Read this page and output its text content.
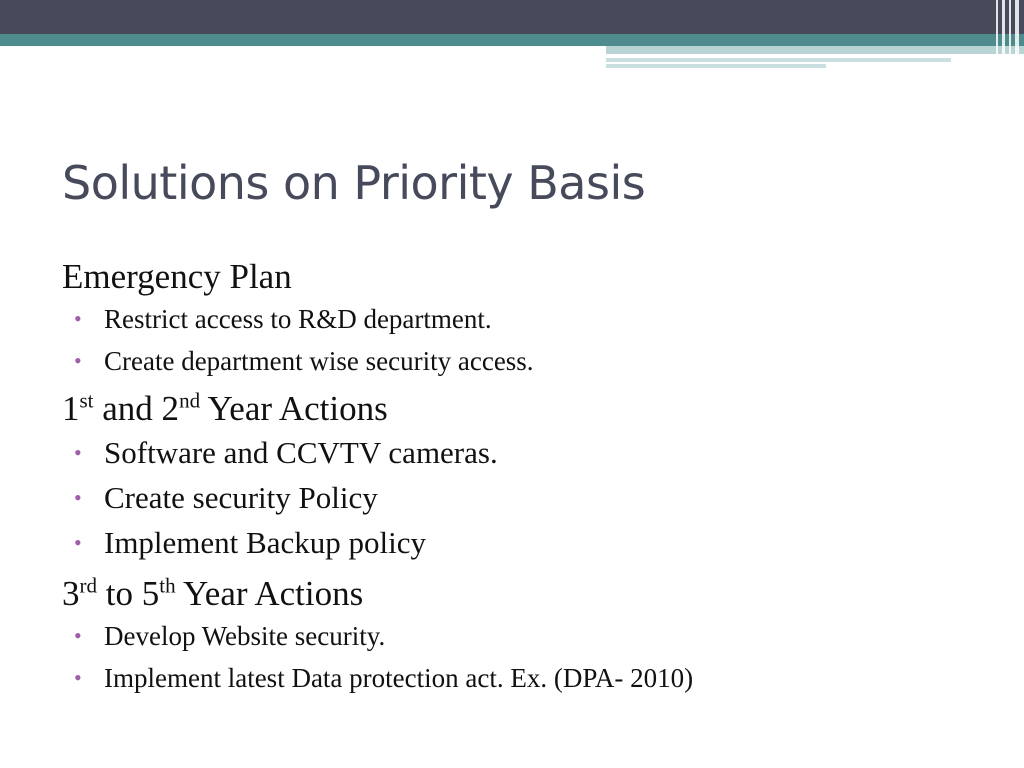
Solutions on Priority Basis
Emergency Plan
• Restrict access to R&D department.
• Create department wise security access.
1st and 2nd Year Actions
• Software and CCVTV cameras.
• Create security Policy
• Implement Backup policy
3rd to 5th Year Actions
• Develop Website security.
• Implement latest Data protection act. Ex. (DPA- 2010)
